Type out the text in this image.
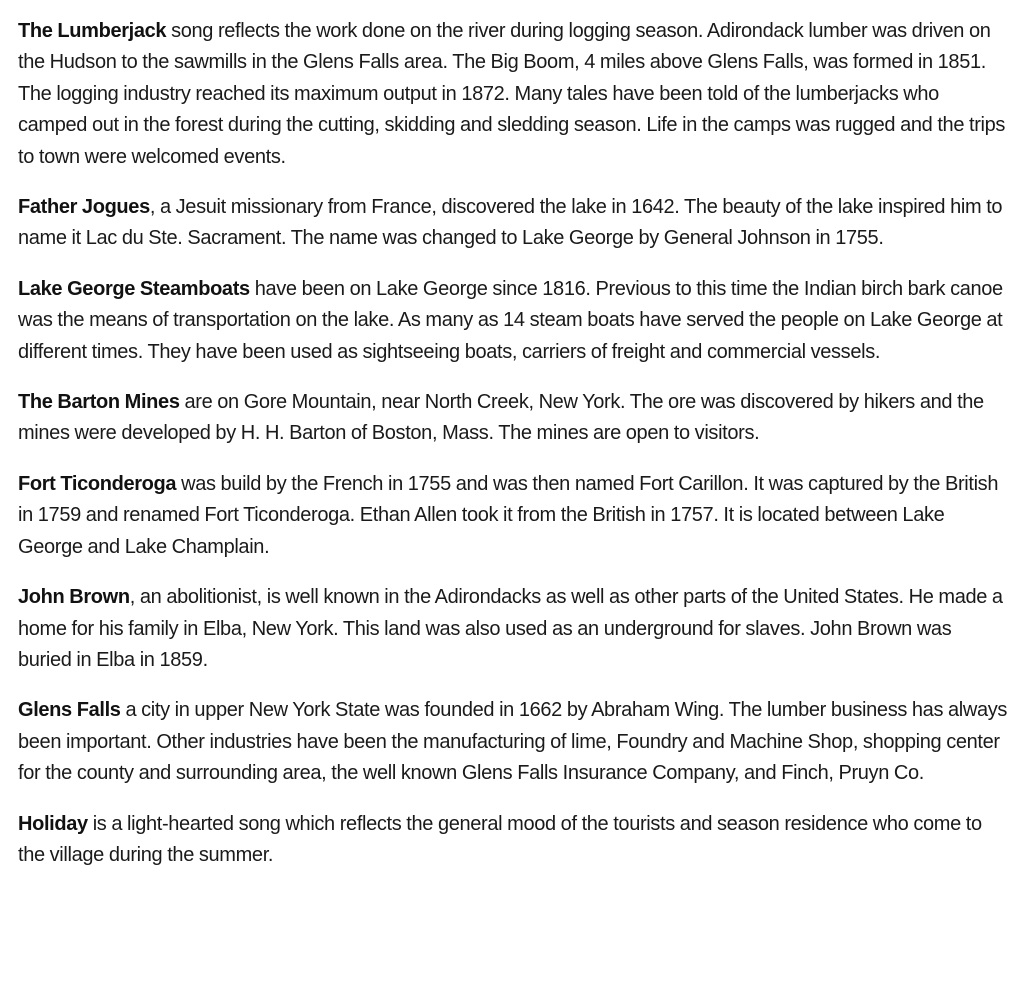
The Lumberjack song reflects the work done on the river during logging season. Adirondack lumber was driven on the Hudson to the sawmills in the Glens Falls area. The Big Boom, 4 miles above Glens Falls, was formed in 1851. The logging industry reached its maximum output in 1872. Many tales have been told of the lumberjacks who camped out in the forest during the cutting, skidding and sledding season. Life in the camps was rugged and the trips to town were welcomed events.

Father Jogues, a Jesuit missionary from France, discovered the lake in 1642. The beauty of the lake inspired him to name it Lac du Ste. Sacrament. The name was changed to Lake George by General Johnson in 1755.

Lake George Steamboats have been on Lake George since 1816. Previous to this time the Indian birch bark canoe was the means of transportation on the lake. As many as 14 steam boats have served the people on Lake George at different times. They have been used as sightseeing boats, carriers of freight and commercial vessels.

The Barton Mines are on Gore Mountain, near North Creek, New York. The ore was discovered by hikers and the mines were developed by H. H. Barton of Boston, Mass. The mines are open to visitors.

Fort Ticonderoga was build by the French in 1755 and was then named Fort Carillon. It was captured by the British in 1759 and renamed Fort Ticonderoga. Ethan Allen took it from the British in 1757. It is located between Lake George and Lake Champlain.

John Brown, an abolitionist, is well known in the Adirondacks as well as other parts of the United States. He made a home for his family in Elba, New York. This land was also used as an underground for slaves. John Brown was buried in Elba in 1859.

Glens Falls a city in upper New York State was founded in 1662 by Abraham Wing. The lumber business has always been important. Other industries have been the manufacturing of lime, Foundry and Machine Shop, shopping center for the county and surrounding area, the well known Glens Falls Insurance Company, and Finch, Pruyn Co.

Holiday is a light-hearted song which reflects the general mood of the tourists and season residence who come to the village during the summer.
